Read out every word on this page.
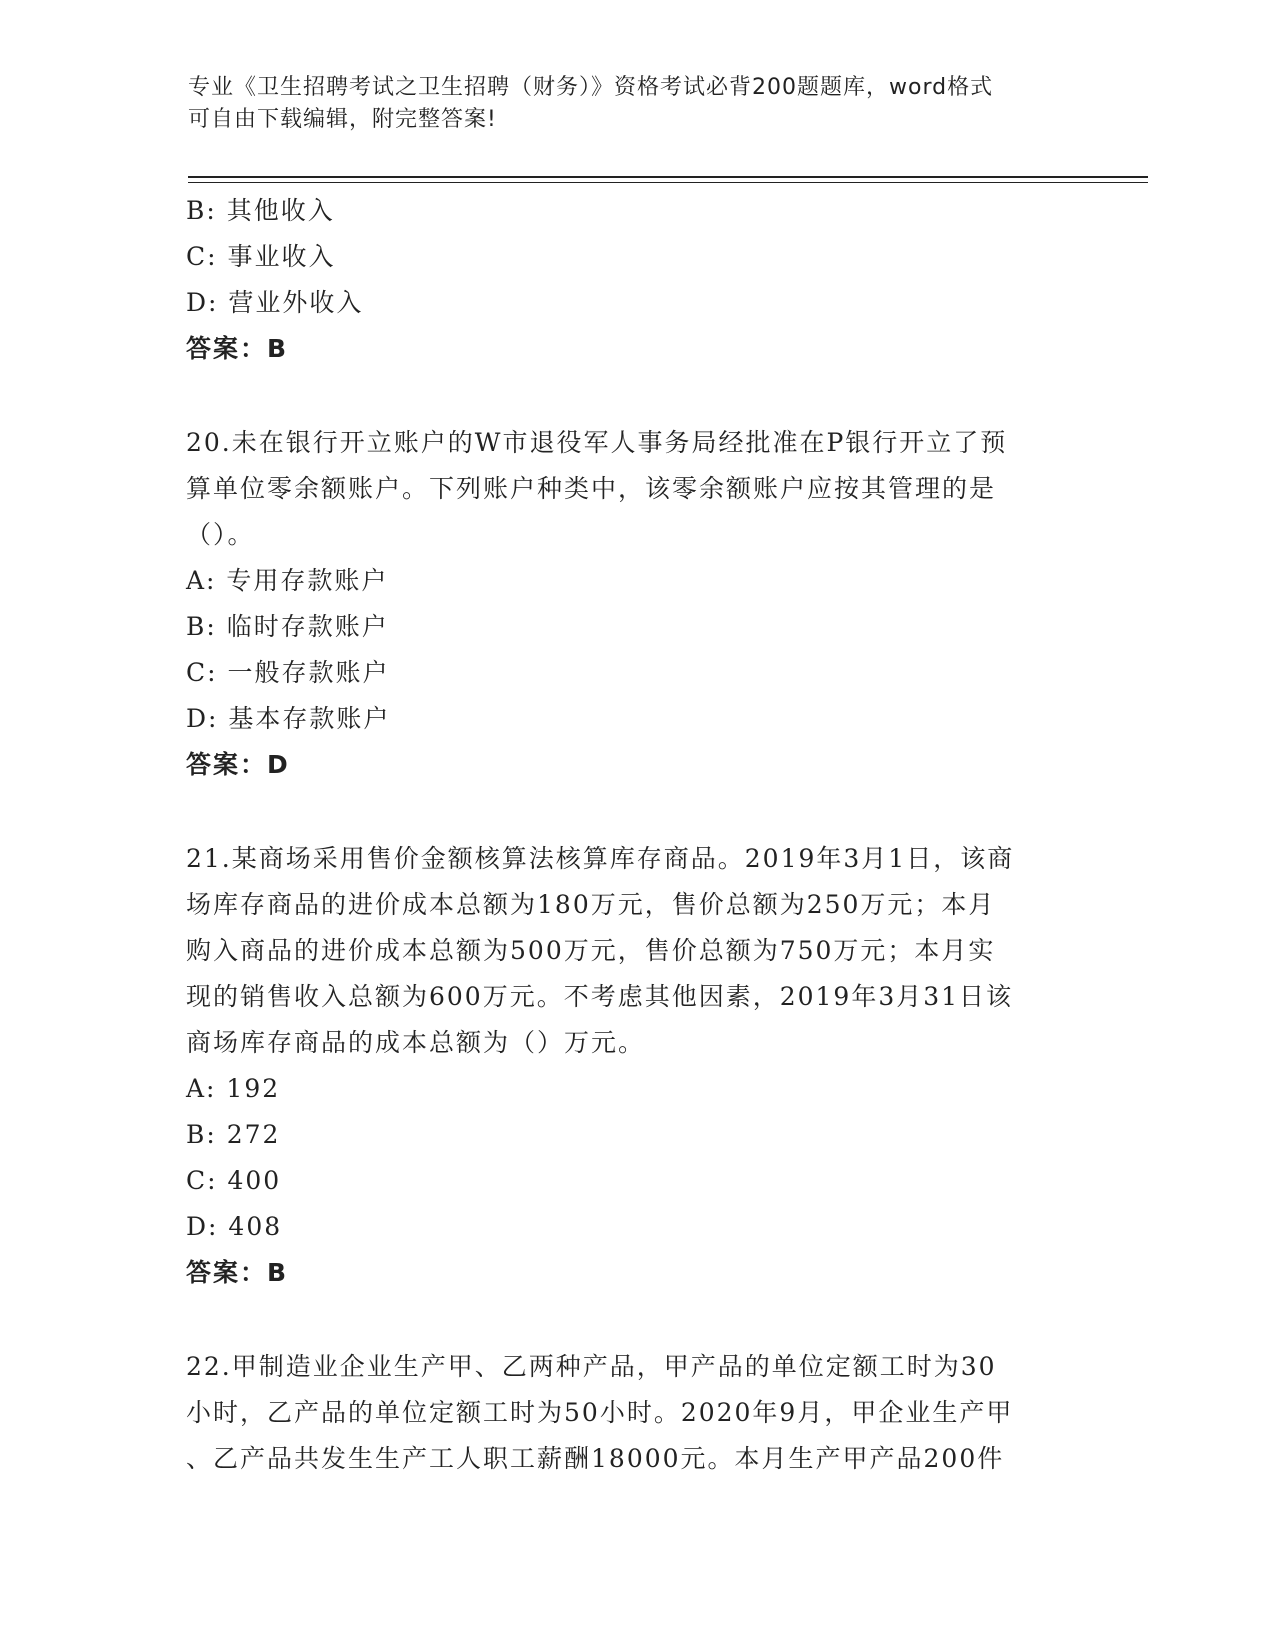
专业《卫生招聘考试之卫生招聘（财务）》资格考试必背200题题库，word格式
可自由下载编辑，附完整答案!
B: 其他收入
C: 事业收入
D: 营业外收入
答案：B
20.未在银行开立账户的W市退役军人事务局经批准在P银行开立了预
算单位零余额账户。下列账户种类中，该零余额账户应按其管理的是
（）。
A: 专用存款账户
B: 临时存款账户
C: 一般存款账户
D: 基本存款账户
答案：D
21.某商场采用售价金额核算法核算库存商品。2019年3月1日，该商
场库存商品的进价成本总额为180万元，售价总额为250万元；本月
购入商品的进价成本总额为500万元，售价总额为750万元；本月实
现的销售收入总额为600万元。不考虑其他因素，2019年3月31日该
商场库存商品的成本总额为（）万元。
A: 192
B: 272
C: 400
D: 408
答案：B
22.甲制造业企业生产甲、乙两种产品，甲产品的单位定额工时为30
小时，乙产品的单位定额工时为50小时。2020年9月，甲企业生产甲
、乙产品共发生生产工人职工薪酬18000元。本月生产甲产品200件
